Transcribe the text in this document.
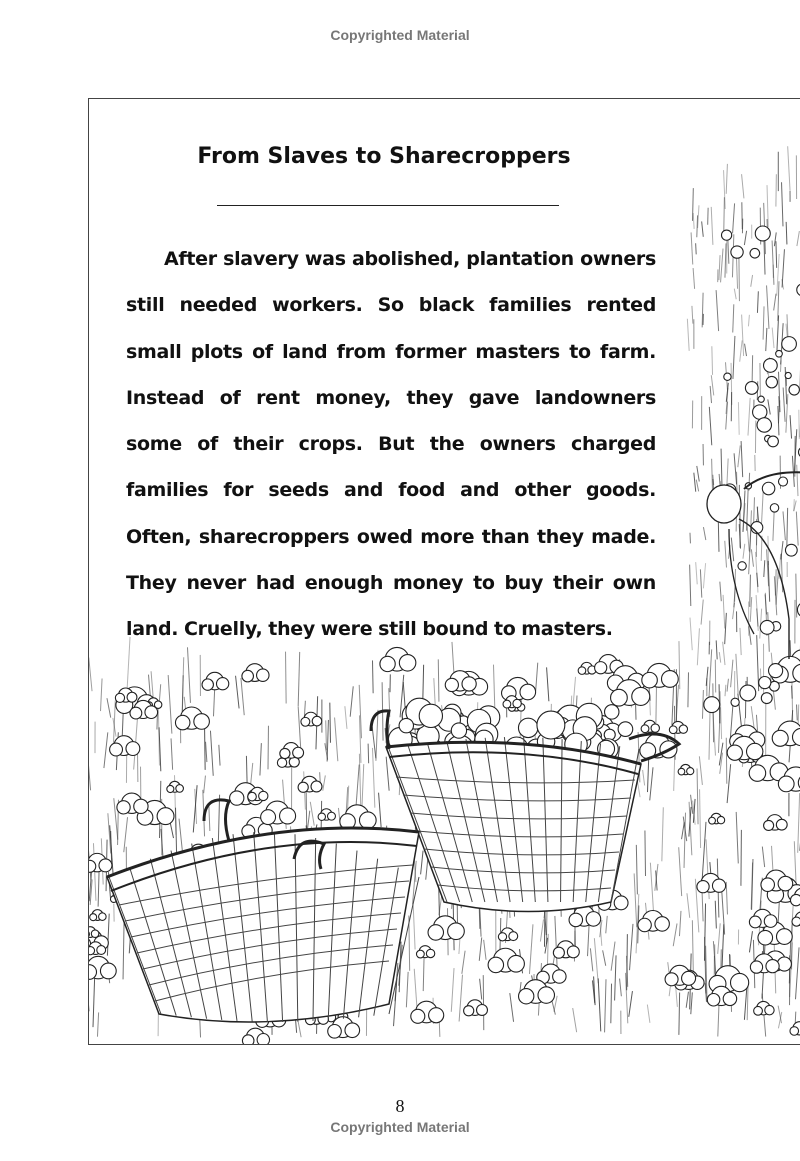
Copyrighted Material
From Slaves to Sharecroppers
After slavery was abolished, plantation owners still needed workers. So black families rented small plots of land from former masters to farm. Instead of rent money, they gave landowners some of their crops. But the owners charged families for seeds and food and other goods. Often, sharecroppers owed more than they made. They never had enough money to buy their own land. Cruelly, they were still bound to masters.
8
Copyrighted Material
